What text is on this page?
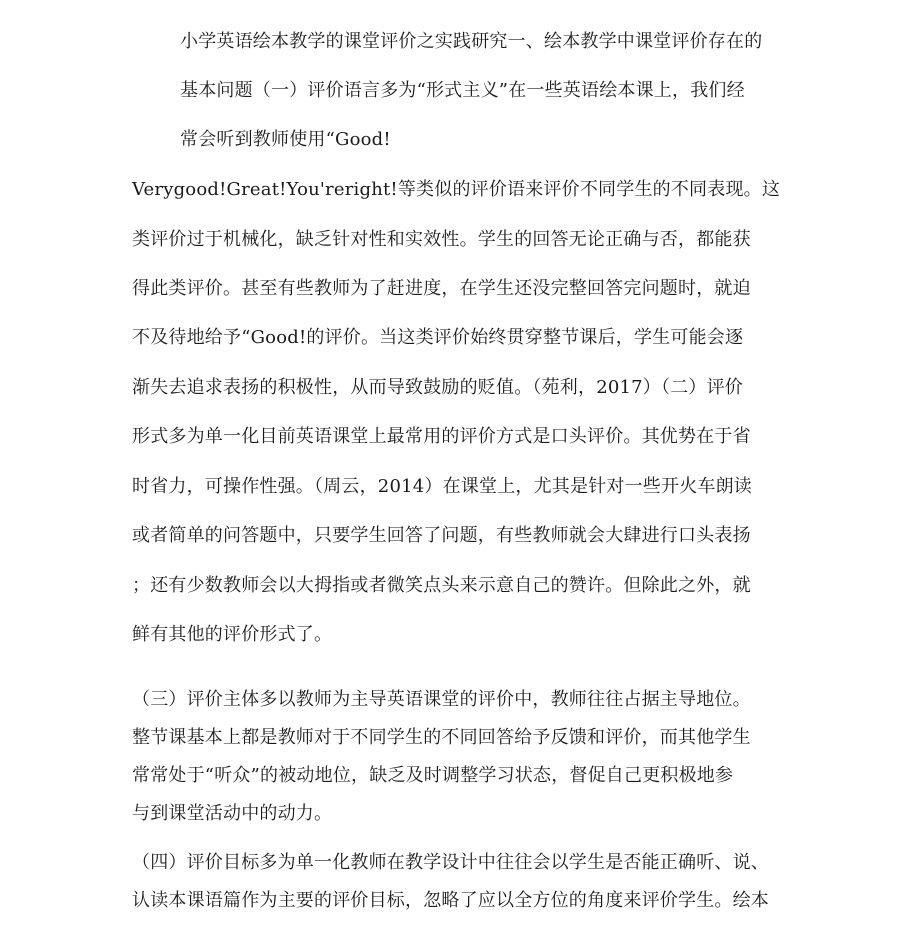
小学英语绘本教学的课堂评价之实践研究一、绘本教学中课堂评价存在的
基本问题（一）评价语言多为“形式主义”在一些英语绘本课上，我们经
常会听到教师使用“Good!
Verygood!Great!You'reright!等类似的评价语来评价不同学生的不同表现。这
类评价过于机械化，缺乏针对性和实效性。学生的回答无论正确与否，都能获
得此类评价。甚至有些教师为了赶进度，在学生还没完整回答完问题时，就迫
不及待地给予“Good!的评价。当这类评价始终贯穿整节课后，学生可能会逐
渐失去追求表扬的积极性，从而导致鼓励的贬值。（苑利，2017）（二）评价
形式多为单一化目前英语课堂上最常用的评价方式是口头评价。其优势在于省
时省力，可操作性强。（周云，2014）在课堂上，尤其是针对一些开火车朗读
或者简单的问答题中，只要学生回答了问题，有些教师就会大肆进行口头表扬
；还有少数教师会以大拇指或者微笑点头来示意自己的赞许。但除此之外，就
鲜有其他的评价形式了。
（三）评价主体多以教师为主导英语课堂的评价中，教师往往占据主导地位。
整节课基本上都是教师对于不同学生的不同回答给予反馈和评价，而其他学生
常常处于“听众”的被动地位，缺乏及时调整学习状态，督促自己更积极地参
与到课堂活动中的动力。
（四）评价目标多为单一化教师在教学设计中往往会以学生是否能正确听、说、
认读本课语篇作为主要的评价目标，忽略了应以全方位的角度来评价学生。绘本
